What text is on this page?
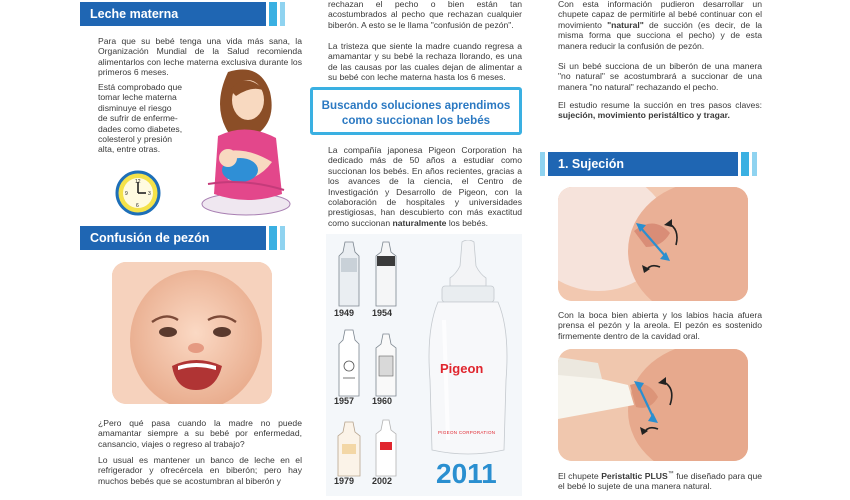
Leche materna
Para que su bebé tenga una vida más sana, la Organización Mundial de la Salud recomienda alimentarlos con leche materna exclusiva durante los primeros 6 meses.
Está comprobado que
tomar leche materna
disminuye el riesgo
de sufrir de enferme-
dades como diabetes,
colesterol y presión
alta, entre otras.
12
3
6
9
Confusión de pezón
¿Pero qué pasa cuando la madre no puede amamantar siempre a su bebé por enfermedad, cansancio, viajes o regreso al trabajo?
Lo usual es mantener un banco de leche en el refrigerador y ofrecércela en biberón; pero hay muchos bebés que se acostumbran al biberón y
rechazan el pecho o bien están tan acostumbrados al pecho que rechazan cualquier biberón. A esto se le llama "confusión de pezón".
La tristeza que siente la madre cuando regresa a amamantar y su bebé la rechaza llorando, es una de las causas por las cuales dejan de alimentar a su bebé con leche materna hasta los 6 meses.
Buscando soluciones aprendimos
como succionan los bebés
La compañía japonesa Pigeon Corporation ha dedicado más de 50 años a estudiar como succionan los bebés. En años recientes, gracias a los avances de la ciencia, el Centro de Investigación y Desarrollo de Pigeon, con la colaboración de hospitales y universidades prestigiosas, han descubierto con más exactitud como succionan naturalmente los bebés.
1949 1954
1957 1960
1979 2002
Pigeon
PIGEON CORPORATION
2011
Con esta información pudieron desarrollar un chupete capaz de permitirle al bebé continuar con el movimiento "natural" de succión (es decir, de la misma forma que succiona el pecho) y de esta manera reducir la confusión de pezón.
Si un bebé succiona de un biberón de una manera "no natural" se acostumbrará a succionar de una manera "no natural" rechazando el pecho.
El estudio resume la succión en tres pasos claves: sujeción, movimiento peristáltico y tragar.
1. Sujeción
Con la boca bien abierta y los labios hacia afuera prensa el pezón y la areola. El pezón es sostenido firmemente dentro de la cavidad oral.
El chupete Peristaltic PLUS™ fue diseñado para que el bebé lo sujete de una manera natural.
